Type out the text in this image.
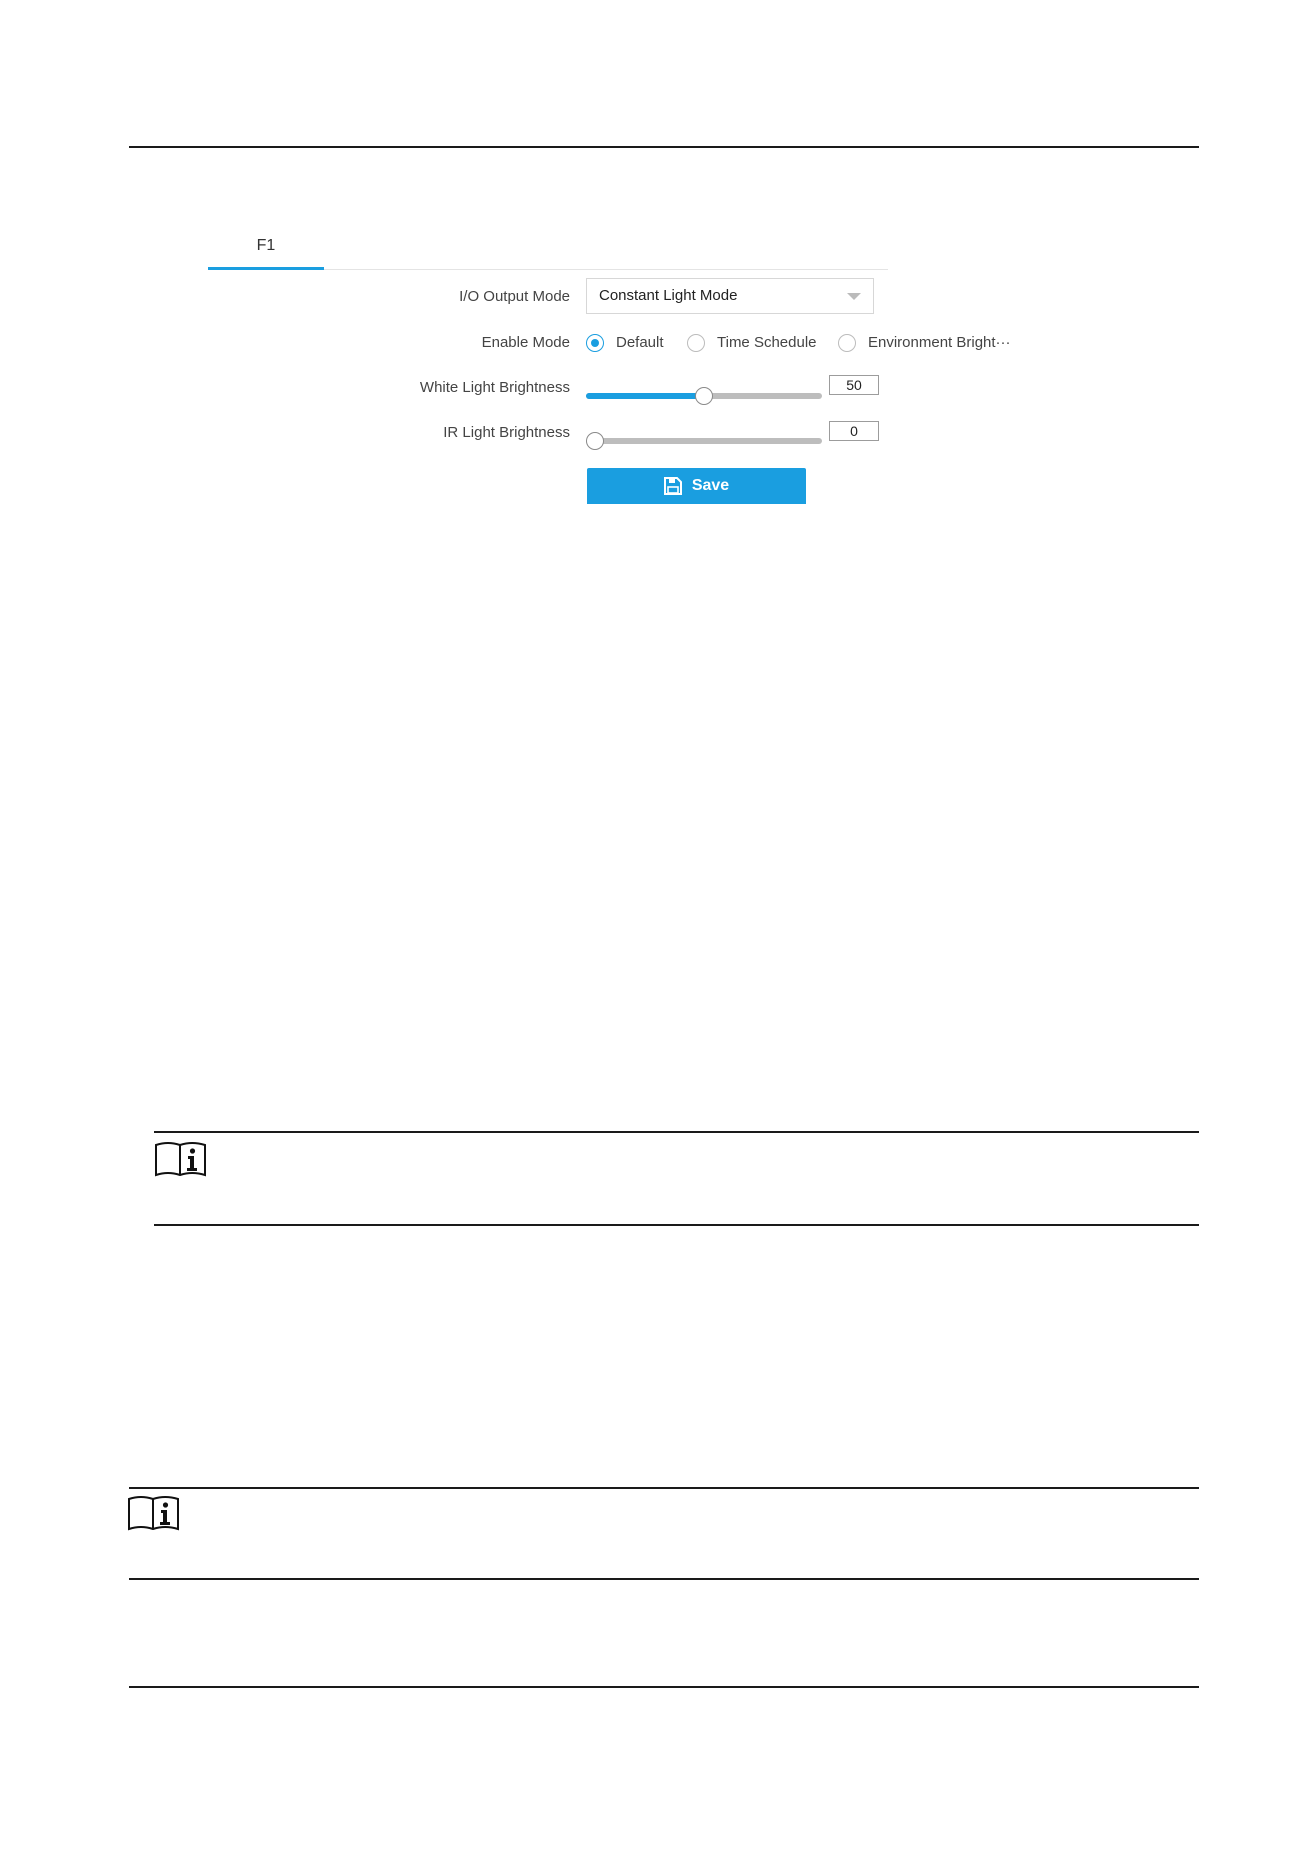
F1
I/O Output Mode
Enable Mode
White Light Brightness
IR Light Brightness
Constant Light Mode
Default	Time Schedule	Environment Bright···
50
0
Save
